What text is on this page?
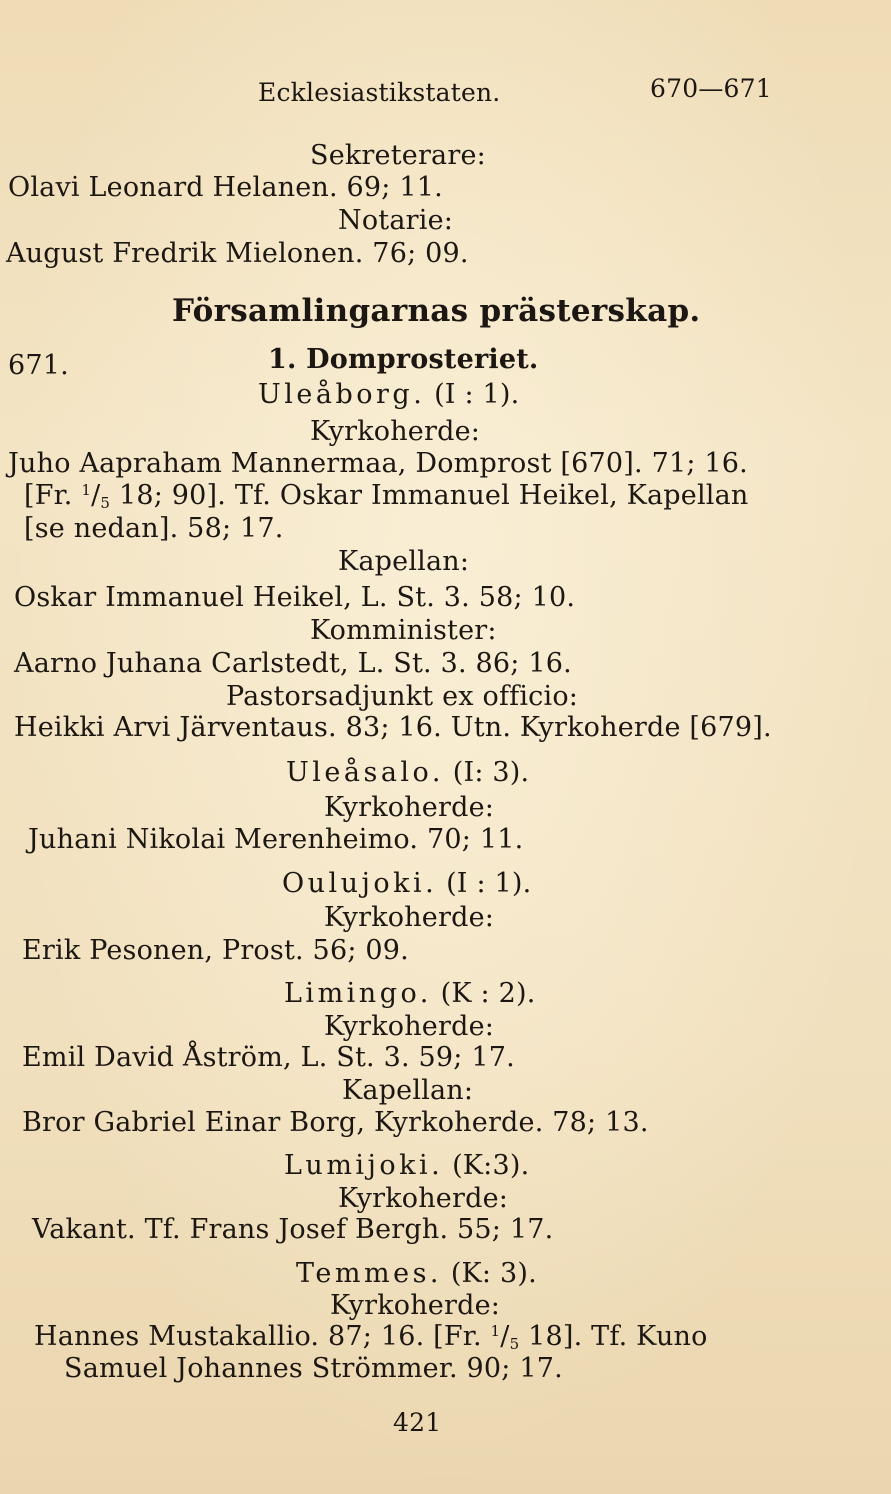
Ecklesiastikstaten.	670—671
Sekreterare:
Olavi Leonard Helanen. 69; 11.
Notarie:
August Fredrik Mielonen. 76; 09.
Församlingarnas prästerskap.
671.	1. Domprosteriet.
Uleåborg. (I : 1).
Kyrkoherde:
Juho Aapraham Mannermaa, Domprost [670]. 71; 16.
[Fr. $^1/_5$ 18; 90]. Tf. Oskar Immanuel Heikel, Kapellan
[se nedan]. 58; 17.
Kapellan:
Oskar Immanuel Heikel, L. St. 3. 58; 10.
Komminister:
Aarno Juhana Carlstedt, L. St. 3. 86; 16.
Pastorsadjunkt ex officio:
Heikki Arvi Järventaus. 83; 16. Utn. Kyrkoherde [679].
Uleåsalo. (I: 3).
Kyrkoherde:
Juhani Nikolai Merenheimo. 70; 11.
Oulujoki. (I : 1).
Kyrkoherde:
Erik Pesonen, Prost. 56; 09.
Limingo. (K : 2).
Kyrkoherde:
Emil David Åström, L. St. 3. 59; 17.
Kapellan:
Bror Gabriel Einar Borg, Kyrkoherde. 78; 13.
Lumijoki. (K:3).
Kyrkoherde:
Vakant. Tf. Frans Josef Bergh. 55; 17.
Temmes. (K: 3).
Kyrkoherde:
Hannes Mustakallio. 87; 16. [Fr. $^1/_5$ 18]. Tf. Kuno
Samuel Johannes Strömmer. 90; 17.
421
